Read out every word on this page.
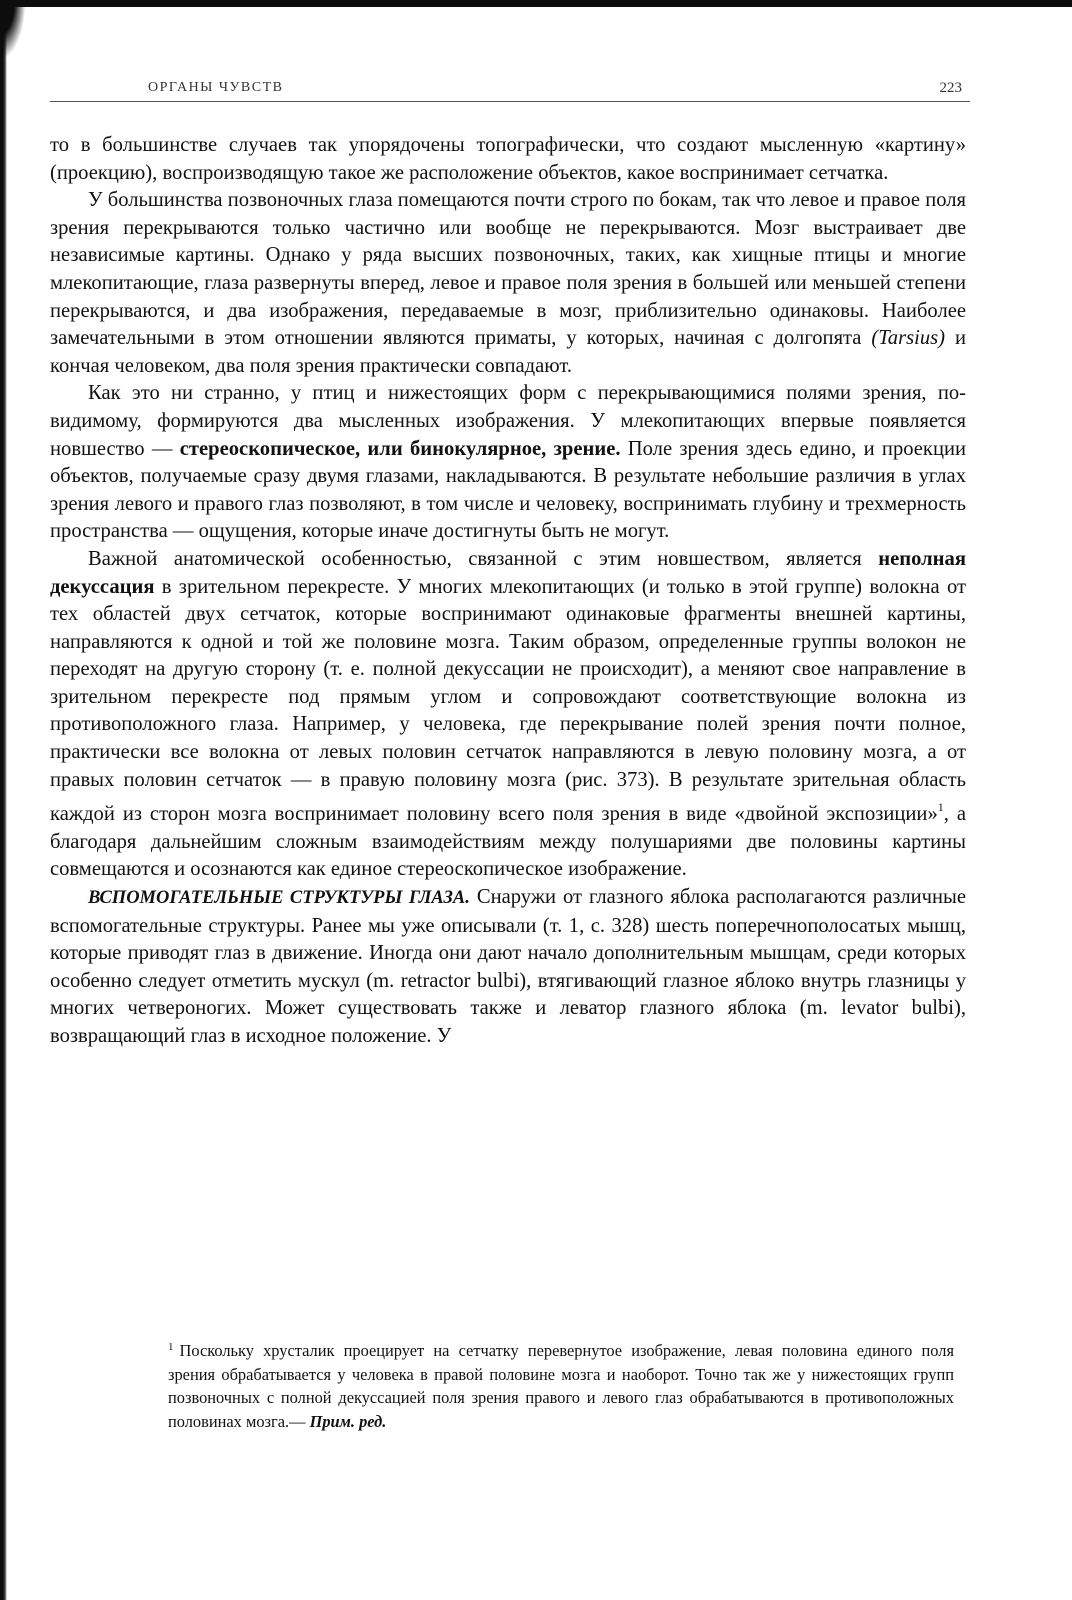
ОРГАНЫ ЧУВСТВ	223

то в большинстве случаев так упорядочены топографически, что создают мысленную «картину» (проекцию), воспроизводящую такое же расположение объектов, какое воспринимает сетчатка.

У большинства позвоночных глаза помещаются почти строго по бокам, так что левое и правое поля зрения перекрываются только частично или вообще не перекрываются. Мозг выстраивает две независимые картины. Однако у ряда высших позвоночных, таких, как хищные птицы и многие млекопитающие, глаза развернуты вперед, левое и правое поля зрения в большей или меньшей степени перекрываются, и два изображения, передаваемые в мозг, приблизительно одинаковы. Наиболее замечательными в этом отношении являются приматы, у которых, начиная с долгопята (Tarsius) и кончая человеком, два поля зрения практически совпадают.

Как это ни странно, у птиц и нижестоящих форм с перекрывающимися полями зрения, по-видимому, формируются два мысленных изображения. У млекопитающих впервые появляется новшество — стереоскопическое, или бинокулярное, зрение. Поле зрения здесь едино, и проекции объектов, получаемые сразу двумя глазами, накладываются. В результате небольшие различия в углах зрения левого и правого глаз позволяют, в том числе и человеку, воспринимать глубину и трехмерность пространства — ощущения, которые иначе достигнуты быть не могут.

Важной анатомической особенностью, связанной с этим новшеством, является неполная декуссация в зрительном перекресте. У многих млекопитающих (и только в этой группе) волокна от тех областей двух сетчаток, которые воспринимают одинаковые фрагменты внешней картины, направляются к одной и той же половине мозга. Таким образом, определенные группы волокон не переходят на другую сторону (т. е. полной декуссации не происходит), а меняют свое направление в зрительном перекресте под прямым углом и сопровождают соответствующие волокна из противоположного глаза. Например, у человека, где перекрывание полей зрения почти полное, практически все волокна от левых половин сетчаток направляются в левую половину мозга, а от правых половин сетчаток — в правую половину мозга (рис. 373). В результате зрительная область каждой из сторон мозга воспринимает половину всего поля зрения в виде «двойной экспозиции»$^1$, а благодаря дальнейшим сложным взаимодействиям между полушариями две половины картины совмещаются и осознаются как единое стереоскопическое изображение.

ВСПОМОГАТЕЛЬНЫЕ СТРУКТУРЫ ГЛАЗА. Снаружи от глазного яблока располагаются различные вспомогательные структуры. Ранее мы уже описывали (т. 1, с. 328) шесть поперечнополосатых мышц, которые приводят глаз в движение. Иногда они дают начало дополнительным мышцам, среди которых особенно следует отметить мускул (m. retractor bulbi), втягивающий глазное яблоко внутрь глазницы у многих четвероногих. Может существовать также и леватор глазного яблока (m. levator bulbi), возвращающий глаз в исходное положение. У

$^1$ Поскольку хрусталик проецирует на сетчатку перевернутое изображение, левая половина единого поля зрения обрабатывается у человека в правой половине мозга и наоборот. Точно так же у нижестоящих групп позвоночных с полной декуссацией поля зрения правого и левого глаз обрабатываются в противоположных половинах мозга.— Прим. ред.
